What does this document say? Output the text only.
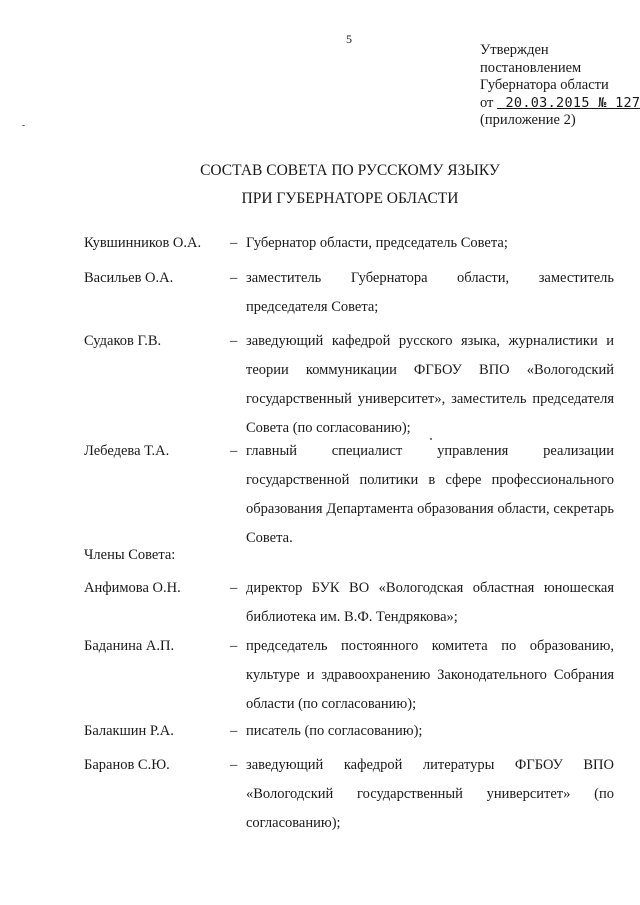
5
Утвержден
постановлением
Губернатора области
от 20.03.2015 № 127
(приложение 2)
СОСТАВ СОВЕТА ПО РУССКОМУ ЯЗЫКУ
ПРИ ГУБЕРНАТОРЕ ОБЛАСТИ
Кувшинников О.А. – Губернатор области, председатель Совета;
Васильев О.А.	– заместитель Губернатора области, заместитель председателя Совета;
Судаков Г.В.	– заведующий кафедрой русского языка, журналистики и теории коммуникации ФГБОУ ВПО «Вологодский государственный университет», заместитель председателя Совета (по согласованию);
Лебедева Т.А.	– главный специалист управления реализации государственной политики в сфере профессионального образования Департамента образования области, секретарь Совета.
Члены Совета:
Анфимова О.Н.	– директор БУК ВО «Вологодская областная юношеская библиотека им. В.Ф. Тендрякова»;
Баданина А.П.	– председатель постоянного комитета по образованию, культуре и здравоохранению Законодательного Собрания области (по согласованию);
Балакшин Р.А.	– писатель (по согласованию);
Баранов С.Ю.	– заведующий кафедрой литературы ФГБОУ ВПО «Вологодский государственный университет» (по согласованию);
